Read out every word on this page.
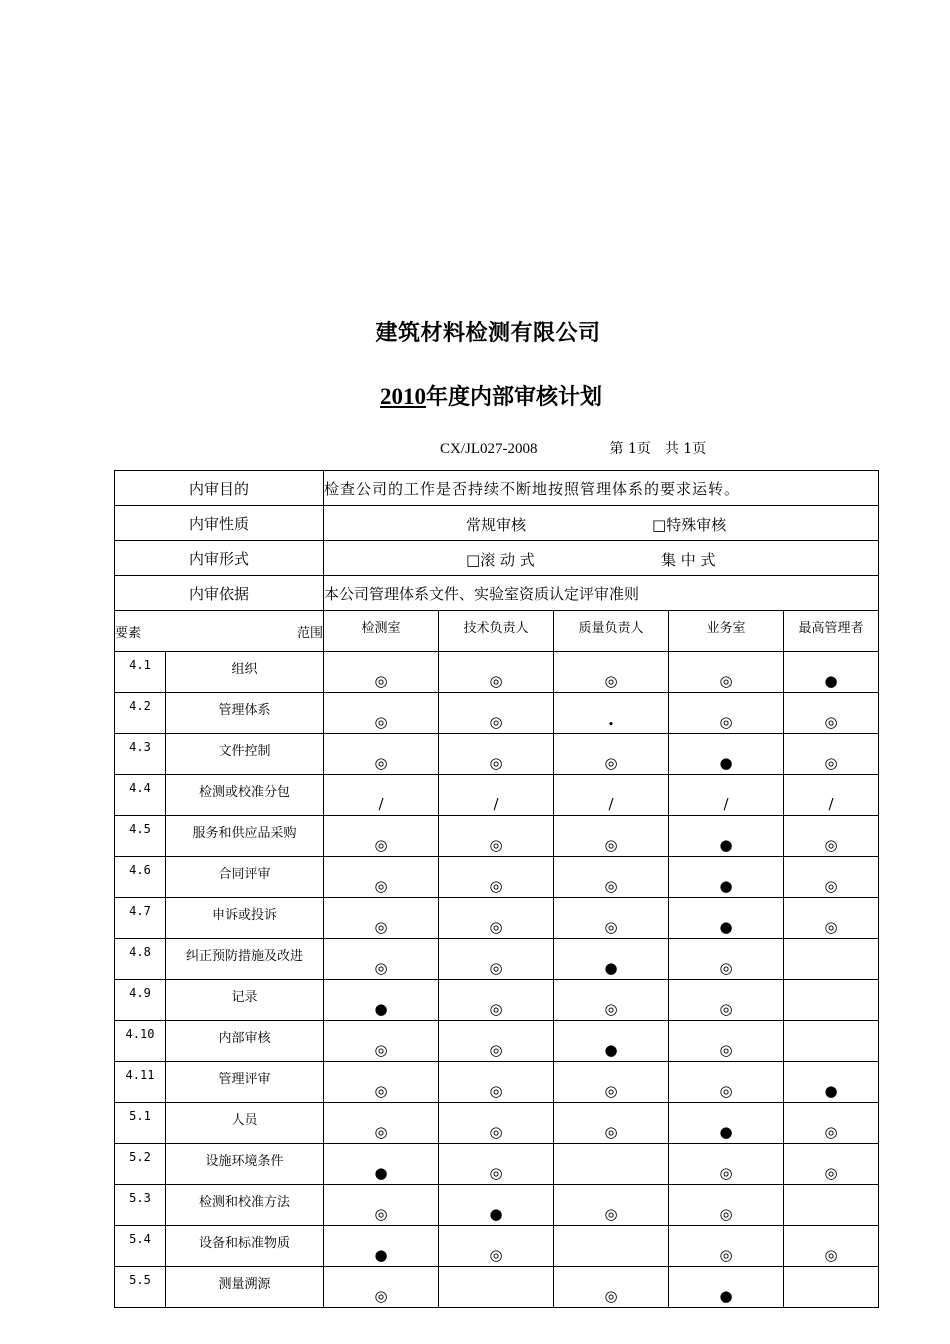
建筑材料检测有限公司
2010年度内部审核计划
CX/JL027-2008	第 1页　共 1页
内审目的		检查公司的工作是否持续不断地按照管理体系的要求运转。				
内审性质		常规审核 □特殊审核				

内审形式		□滚 动 式 集 中 式				

内审依据		本公司管理体系文件、实验室资质认定评审准则				

要素 范围		检测室	技术负责人	质量负责人	业务室	最高管理者
4.1	组织	◎	◎	◎	◎	●
4.2	管理体系	◎	◎	•	◎	◎
4.3	文件控制	◎	◎	◎	●	◎
4.4	检测或校准分包	/	/	/	/	/
4.5	服务和供应品采购	◎	◎	◎	●	◎
4.6	合同评审	◎	◎	◎	●	◎
4.7	申诉或投诉	◎	◎	◎	●	◎
4.8	纠正预防措施及改进	◎	◎	●	◎	
4.9	记录	●	◎	◎	◎	
4.10	内部审核	◎	◎	●	◎	
4.11	管理评审	◎	◎	◎	◎	●
5.1	人员	◎	◎	◎	●	◎
5.2	设施环境条件	●	◎		◎	◎
5.3	检测和校准方法	◎	●	◎	◎	
5.4	设备和标准物质	●	◎		◎	◎
5.5	测量溯源	◎		◎	●	
